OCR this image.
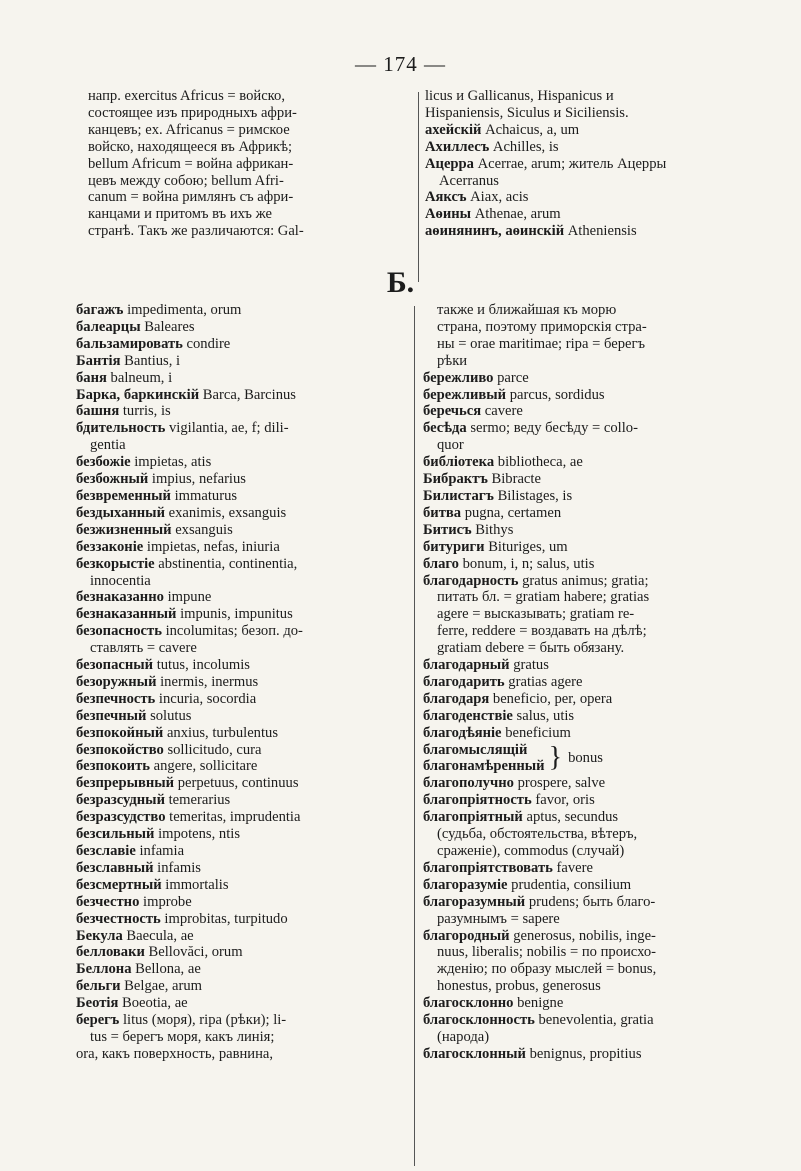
— 174 —
напр. exercitus Africus = войско,
состоящее изъ природныхъ афри-
канцевъ; ex. Africanus = римское
войско, находящееся въ Африкѣ;
bellum Africum = война африкан-
цевъ между собою; bellum Afri-
canum = война римлянъ съ афри-
канцами и притомъ въ ихъ же
странѣ. Такъ же различаются: Gal-
licus и Gallicanus, Hispanicus и
Hispaniensis, Siculus и Siciliensis.
ахейскій Achaicus, a, um
Ахиллесъ Achilles, is
Ацерра Acerrae, arum; житель Ацерры
Acerranus
Аяксъ Aiax, acis
Аѳины Athenae, arum
аѳинянинъ, аѳинскій Atheniensis
Б.
багажъ impedimenta, orum
балеарцы Baleares
бальзамировать condire
Бантія Bantius, i
баня balneum, i
Барка, баркинскій Barca, Barcinus
башня turris, is
бдительность vigilantia, ae, f; dili-
gentia
безбожіе impietas, atis
безбожный impius, nefarius
безвременный immaturus
бездыханный exanimis, exsanguis
безжизненный exsanguis
беззаконіе impietas, nefas, iniuria
безкорыстіе abstinentia, continentia,
innocentia
безнаказанно impune
безнаказанный impunis, impunitus
безопасность incolumitas; безоп. до-
ставлять = cavere
безопасный tutus, incolumis
безоружный inermis, inermus
безпечность incuria, socordia
безпечный solutus
безпокойный anxius, turbulentus
безпокойство sollicitudo, cura
безпокоить angere, sollicitare
безпрерывный perpetuus, continuus
безразсудный temerarius
безразсудство temeritas, imprudentia
безсильный impotens, ntis
безславіе infamia
безславный infamis
безсмертный immortalis
безчестно improbe
безчестность improbitas, turpitudo
Бекула Baecula, ae
белловаки Bellovăci, orum
Беллона Bellona, ae
бельги Belgae, arum
Беотія Boeotia, ae
берегъ litus (моря), ripa (рѣки); li-
tus = берегъ моря, какъ линія;
ora, какъ поверхность, равнина,
также и ближайшая къ морю
страна, поэтому приморскія стра-
ны = orae maritimae; ripa = берегъ
рѣки
бережливо parce
бережливый parcus, sordidus
беречься cavere
бесѣда sermo; веду бесѣду = collo-
quor
библіотека bibliotheca, ae
Бибрактъ Bibracte
Билистагъ Bilistages, is
битва pugna, certamen
Битисъ Bithys
битуриги Bituriges, um
благо bonum, i, n; salus, utis
благодарность gratus animus; gratia;
питать бл. = gratiam habere; gratias
agere = высказывать; gratiam re-
ferre, reddere = воздавать на дѣлѣ;
gratiam debere = быть обязану.
благодарный gratus
благодарить gratias agere
благодаря beneficio, per, opera
благоденствіе salus, utis
благодѣяніе beneficium
благомыслящій
благонамѣренный } bonus
благополучно prospere, salve
благопріятность favor, oris
благопріятный aptus, secundus
(судьба, обстоятельства, вѣтеръ,
сраженіе), commodus (случай)
благопріятствовать favere
благоразуміе prudentia, consilium
благоразумный prudens; быть благо-
разумнымъ = sapere
благородный generosus, nobilis, inge-
nuus, liberalis; nobilis = по происхо-
жденію; по образу мыслей = bonus,
honestus, probus, generosus
благосклонно benigne
благосклонность benevolentia, gratia
(народа)
благосклонный benignus, propitius
